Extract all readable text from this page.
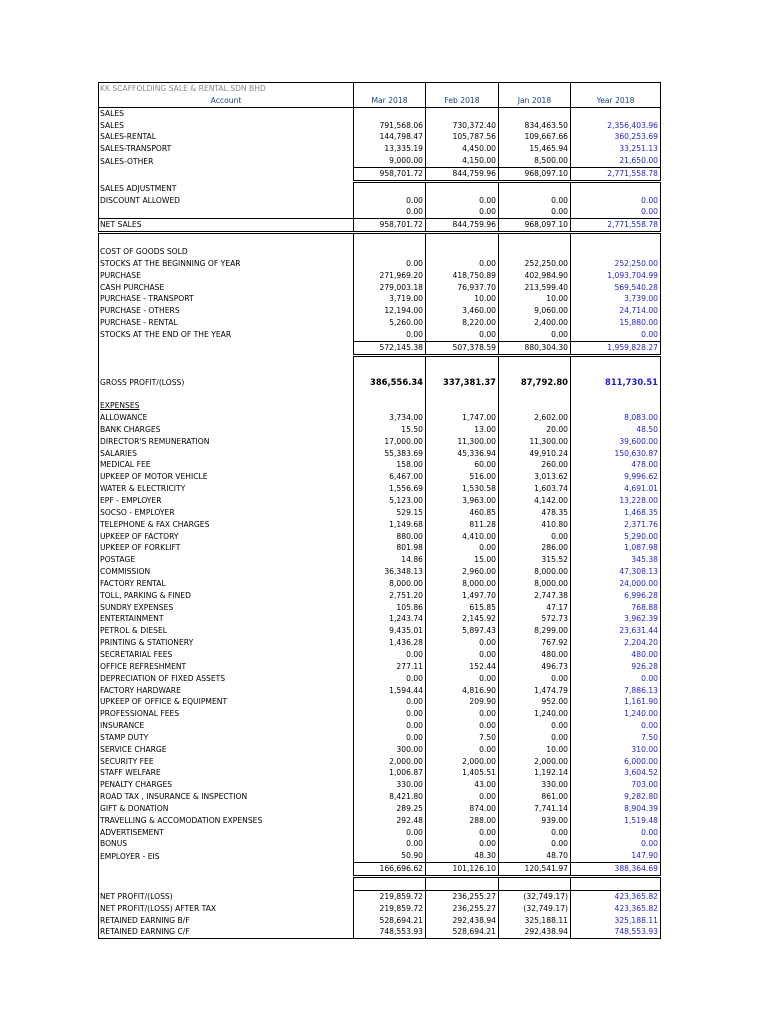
KK SCAFFOLDING SALE & RENTAL SDN BHD				
Account	Mar 2018	Feb 2018	Jan 2018	Year 2018
SALES				
SALES	791,568.06	730,372.40	834,463.50	2,356,403.96
SALES-RENTAL	144,798.47	105,787.56	109,667.66	360,253.69
SALES-TRANSPORT	13,335.19	4,450.00	15,465.94	33,251.13
SALES-OTHER	9,000.00	4,150.00	8,500.00	21,650.00
	958,701.72	844,759.96	968,097.10	2,771,558.78
SALES ADJUSTMENT				
DISCOUNT ALLOWED	0.00	0.00	0.00	0.00
	0.00	0.00	0.00	0.00
NET SALES	958,701.72	844,759.96	968,097.10	2,771,558.78

COST OF GOODS SOLD				
STOCKS AT THE BEGINNING OF YEAR	0.00	0.00	252,250.00	252,250.00
PURCHASE	271,969.20	418,750.89	402,984.90	1,093,704.99
CASH PURCHASE	279,003.18	76,937.70	213,599.40	569,540.28
PURCHASE - TRANSPORT	3,719.00	10.00	10.00	3,739.00
PURCHASE - OTHERS	12,194.00	3,460.00	9,060.00	24,714.00
PURCHASE - RENTAL	5,260.00	8,220.00	2,400.00	15,880.00
STOCKS AT THE END OF THE YEAR	0.00	0.00	0.00	0.00
	572,145.38	507,378.59	880,304.30	1,959,828.27

GROSS PROFIT/(LOSS)	386,556.34	337,381.37	87,792.80	811,730.51

EXPENSES				
ALLOWANCE	3,734.00	1,747.00	2,602.00	8,083.00
BANK CHARGES	15.50	13.00	20.00	48.50
DIRECTOR'S REMUNERATION	17,000.00	11,300.00	11,300.00	39,600.00
SALARIES	55,383.69	45,336.94	49,910.24	150,630.87
MEDICAL FEE	158.00	60.00	260.00	478.00
UPKEEP OF MOTOR VEHICLE	6,467.00	516.00	3,013.62	9,996.62
WATER & ELECTRICITY	1,556.69	1,530.58	1,603.74	4,691.01
EPF - EMPLOYER	5,123.00	3,963.00	4,142.00	13,228.00
SOCSO - EMPLOYER	529.15	460.85	478.35	1,468.35
TELEPHONE & FAX CHARGES	1,149.68	811.28	410.80	2,371.76
UPKEEP OF FACTORY	880.00	4,410.00	0.00	5,290.00
UPKEEP OF FORKLIFT	801.98	0.00	286.00	1,087.98
POSTAGE	14.86	15.00	315.52	345.38
COMMISSION	36,348.13	2,960.00	8,000.00	47,308.13
FACTORY RENTAL	8,000.00	8,000.00	8,000.00	24,000.00
TOLL, PARKING & FINED	2,751.20	1,497.70	2,747.38	6,996.28
SUNDRY EXPENSES	105.86	615.85	47.17	768.88
ENTERTAINMENT	1,243.74	2,145.92	572.73	3,962.39
PETROL & DIESEL	9,435.01	5,897.43	8,299.00	23,631.44
PRINTING & STATIONERY	1,436.28	0.00	767.92	2,204.20
SECRETARIAL FEES	0.00	0.00	480.00	480.00
OFFICE REFRESHMENT	277.11	152.44	496.73	926.28
DEPRECIATION OF FIXED ASSETS	0.00	0.00	0.00	0.00
FACTORY HARDWARE	1,594.44	4,816.90	1,474.79	7,886.13
UPKEEP OF OFFICE & EQUIPMENT	0.00	209.90	952.00	1,161.90
PROFESSIONAL FEES	0.00	0.00	1,240.00	1,240.00
INSURANCE	0.00	0.00	0.00	0.00
STAMP DUTY	0.00	7.50	0.00	7.50
SERVICE CHARGE	300.00	0.00	10.00	310.00
SECURITY FEE	2,000.00	2,000.00	2,000.00	6,000.00
STAFF WELFARE	1,006.87	1,405.51	1,192.14	3,604.52
PENALTY CHARGES	330.00	43.00	330.00	703.00
ROAD TAX , INSURANCE & INSPECTION	8,421.80	0.00	861.00	9,282.80
GIFT & DONATION	289.25	874.00	7,741.14	8,904.39
TRAVELLING & ACCOMODATION EXPENSES	292.48	288.00	939.00	1,519.48
ADVERTISEMENT	0.00	0.00	0.00	0.00
BONUS	0.00	0.00	0.00	0.00
EMPLOYER - EIS	50.90	48.30	48.70	147.90
	166,696.62	101,126.10	120,541.97	388,364.69

NET PROFIT/(LOSS)	219,859.72	236,255.27	(32,749.17)	423,365.82
NET PROFIT/(LOSS) AFTER TAX	219,859.72	236,255.27	(32,749.17)	423,365.82
RETAINED EARNING B/F	528,694.21	292,438.94	325,188.11	325,188.11
RETAINED EARNING C/F	748,553.93	528,694.21	292,438.94	748,553.93
